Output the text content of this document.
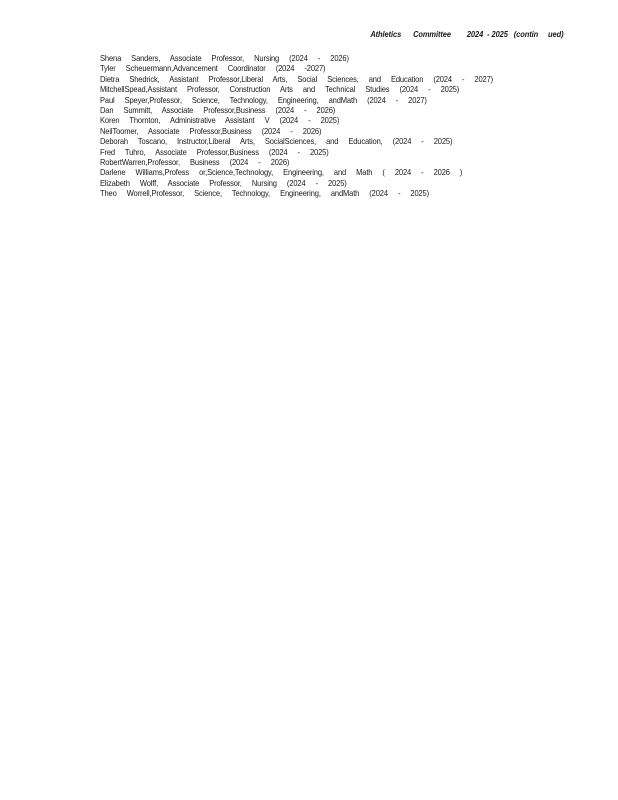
Athletics      Committee        2024  - 2025   (contin     ued)
Shena Sanders, Associate Professor, Nursing (2024 - 2026)
Tyler Scheuermann,Advancement Coordinator (2024 -2027)
Dietra Shedrick, Assistant Professor,Liberal Arts, Social Sciences, and Education (2024 - 2027)
MitchellSpead,Assistant Professor, Construction Arts and Technical Studies (2024 - 2025)
Paul Speyer,Professor, Science, Technology, Engineering, andMath (2024 - 2027)
Dan Summitt, Associate Professor,Business (2024 - 2026)
Koren Thornton, Administrative Assistant V (2024 - 2025)
NeilToomer, Associate Professor,Business (2024 - 2026)
Deborah Toscano, Instructor,Liberal Arts, SocialSciences, and Education, (2024 - 2025)
Fred Tuhro, Associate Professor,Business (2024 - 2025)
RobertWarren,Professor, Business (2024 - 2026)
Darlene Williams,Profess or,Science,Technology, Engineering, and Math ( 2024 - 2026 )
Elizabeth Wolff, Associate Professor, Nursing (2024 - 2025)
Theo Worrell,Professor, Science, Technology, Engineering, andMath (2024 - 2025)
